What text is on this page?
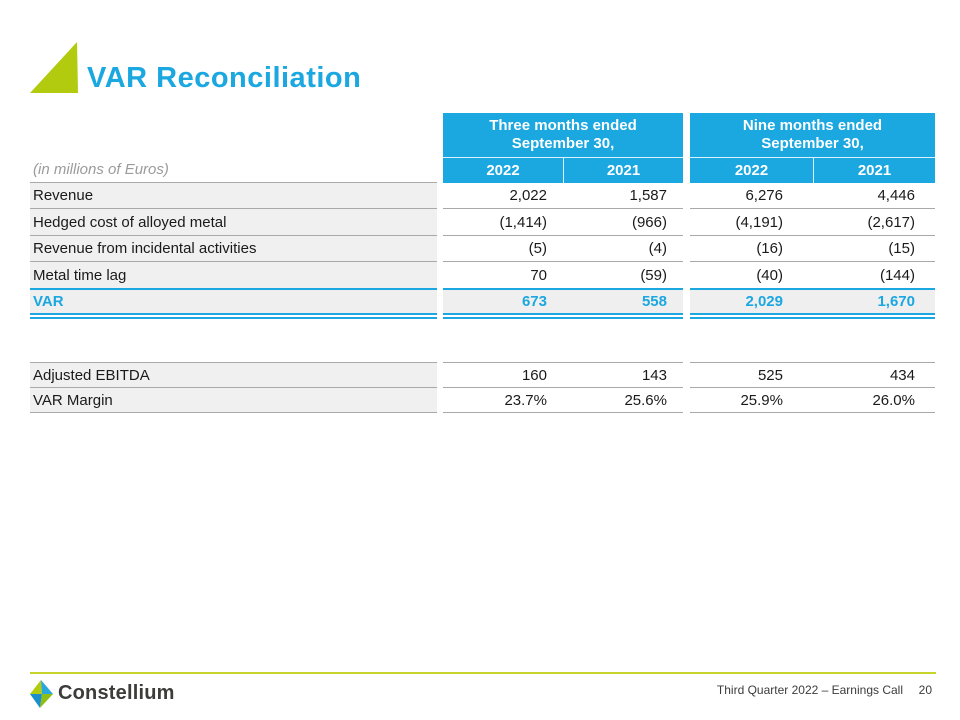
VAR Reconciliation
Three months ended September 30,
Nine months ended September 30,
(in millions of Euros)	2022	2021	2022	2021
Revenue	2,022	1,587	6,276	4,446
Hedged cost of alloyed metal	(1,414)	(966)	(4,191)	(2,617)
Revenue from incidental activities	(5)	(4)	(16)	(15)
Metal time lag	70	(59)	(40)	(144)
VAR	673	558	2,029	1,670
Adjusted EBITDA	160	143	525	434
VAR Margin	23.7%	25.6%	25.9%	26.0%
Constellium	Third Quarter 2022 – Earnings Call 20
